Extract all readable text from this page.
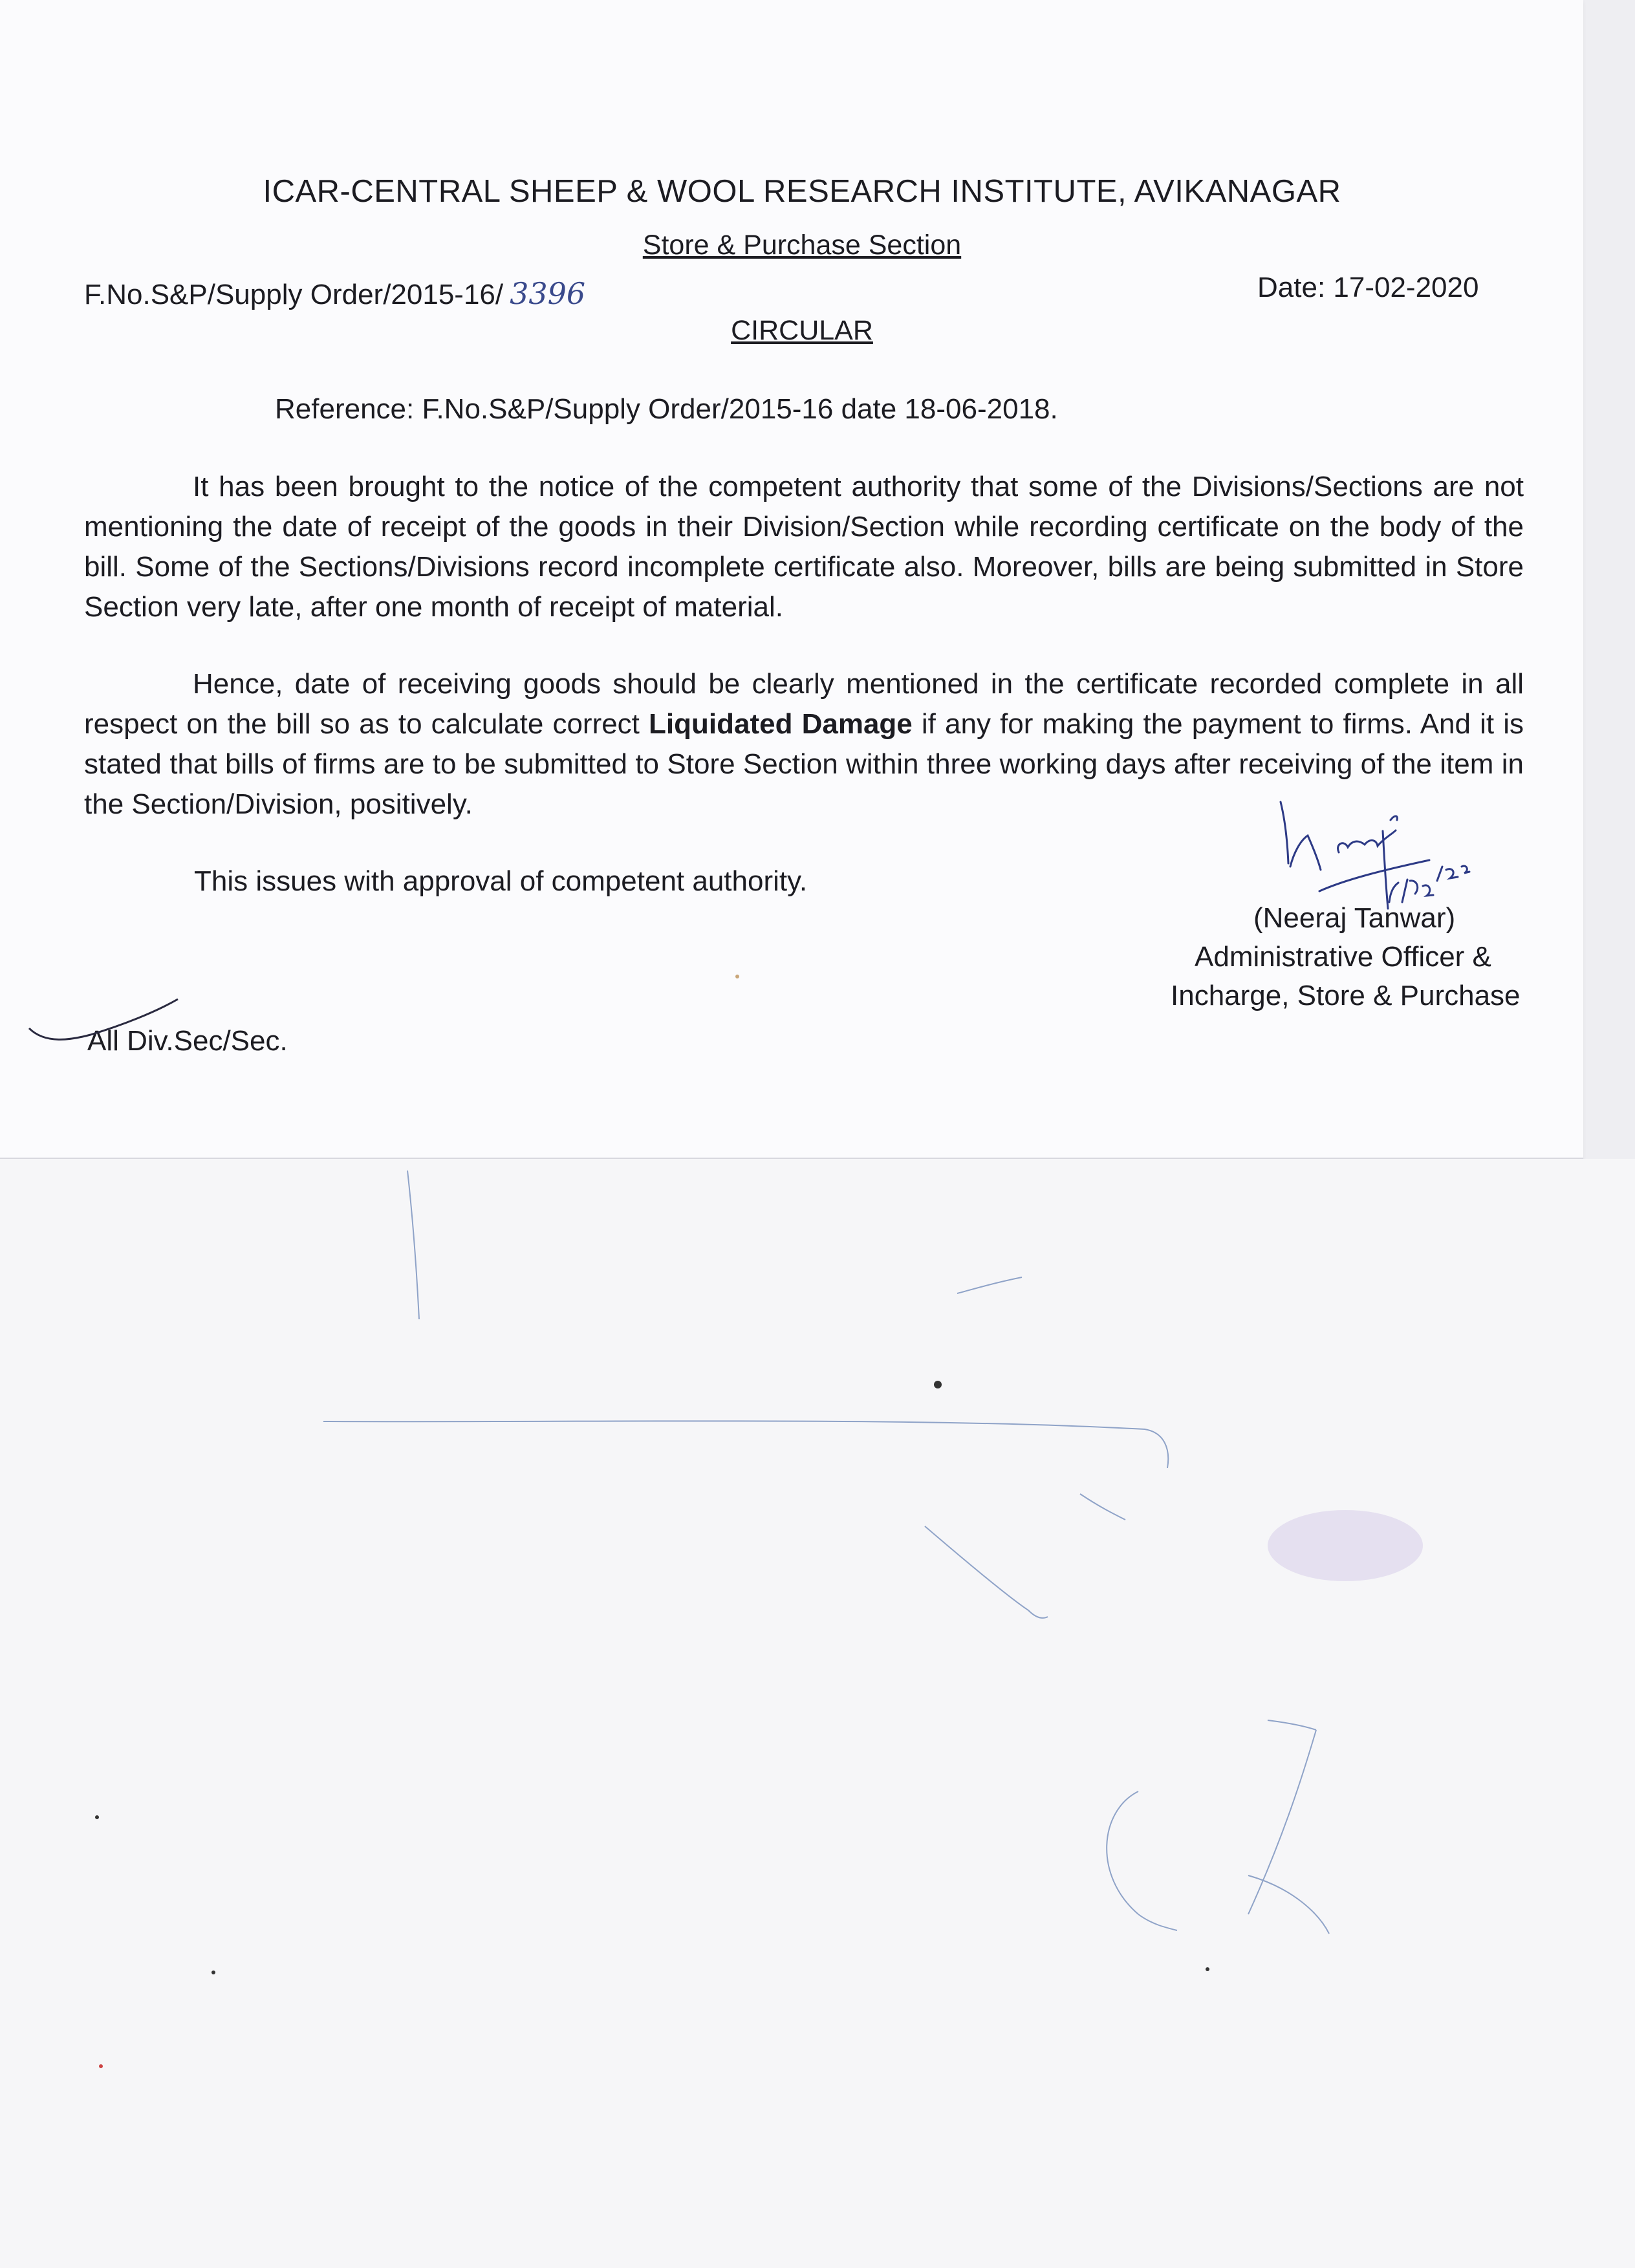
ICAR-CENTRAL SHEEP & WOOL RESEARCH INSTITUTE, AVIKANAGAR
Store & Purchase Section
F.No.S&P/Supply Order/2015-16/ 3396	Date: 17-02-2020
CIRCULAR
Reference: F.No.S&P/Supply Order/2015-16 date 18-06-2018.

It has been brought to the notice of the competent authority that some of the Divisions/Sections are not mentioning the date of receipt of the goods in their Division/Section while recording certificate on the body of the bill. Some of the Sections/Divisions record incomplete certificate also. Moreover, bills are being submitted in Store Section very late, after one month of receipt of material.

Hence, date of receiving goods should be clearly mentioned in the certificate recorded complete in all respect on the bill so as to calculate correct Liquidated Damage if any for making the payment to firms. And it is stated that bills of firms are to be submitted to Store Section within three working days after receiving of the item in the Section/Division, positively.

This issues with approval of competent authority.
(Neeraj Tanwar)
Administrative Officer &
Incharge, Store & Purchase
All Div.Sec/Sec.
